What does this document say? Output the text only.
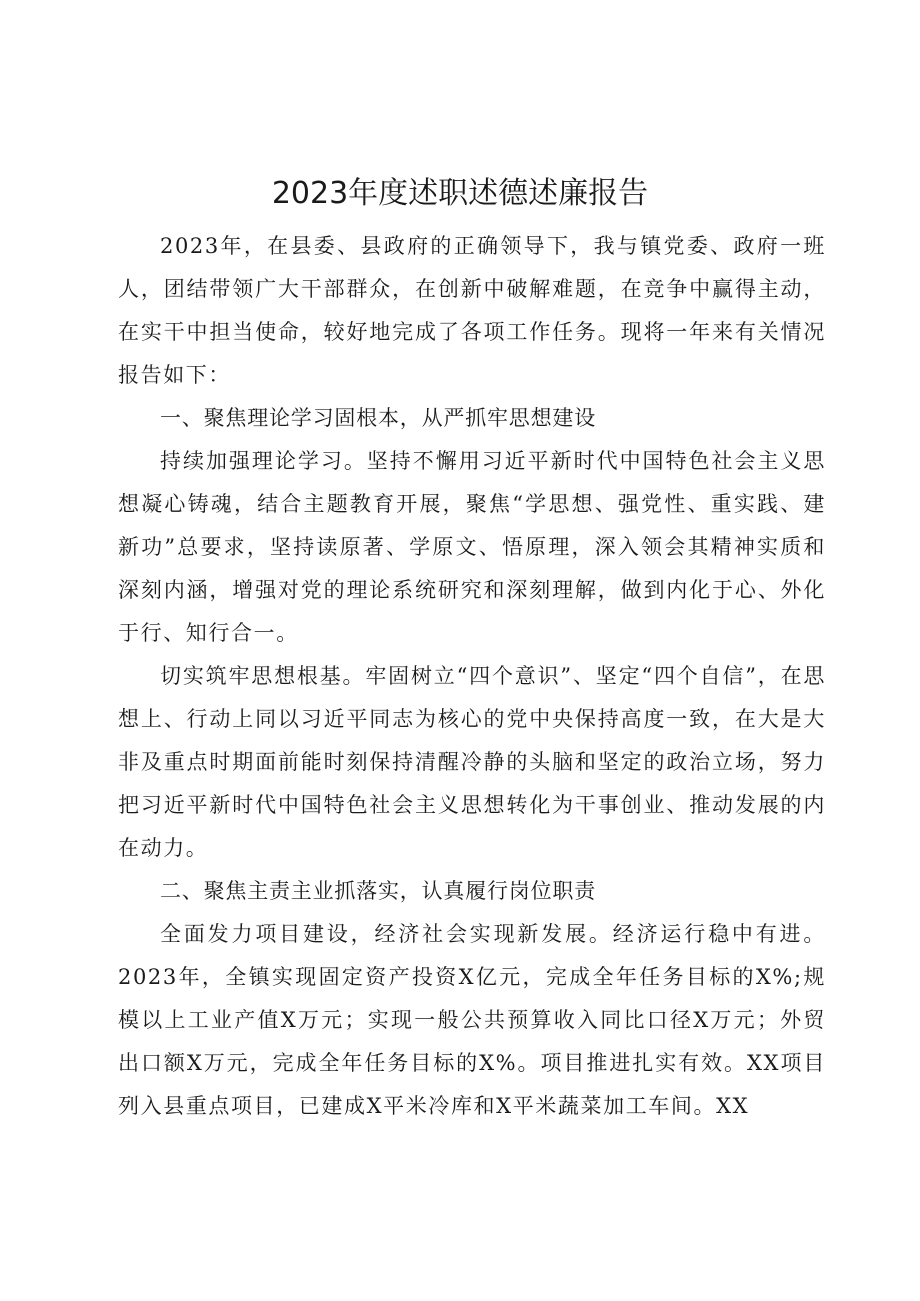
2023年度述职述德述廉报告

2023年，在县委、县政府的正确领导下，我与镇党委、政府一班人，团结带领广大干部群众，在创新中破解难题，在竞争中赢得主动，在实干中担当使命，较好地完成了各项工作任务。现将一年来有关情况报告如下：

一、聚焦理论学习固根本，从严抓牢思想建设

持续加强理论学习。坚持不懈用习近平新时代中国特色社会主义思想凝心铸魂，结合主题教育开展，聚焦“学思想、强党性、重实践、建新功”总要求，坚持读原著、学原文、悟原理，深入领会其精神实质和深刻内涵，增强对党的理论系统研究和深刻理解，做到内化于心、外化于行、知行合一。

切实筑牢思想根基。牢固树立“四个意识”、坚定“四个自信”，在思想上、行动上同以习近平同志为核心的党中央保持高度一致，在大是大非及重点时期面前能时刻保持清醒冷静的头脑和坚定的政治立场，努力把习近平新时代中国特色社会主义思想转化为干事创业、推动发展的内在动力。

二、聚焦主责主业抓落实，认真履行岗位职责

全面发力项目建设，经济社会实现新发展。经济运行稳中有进。2023年，全镇实现固定资产投资X亿元，完成全年任务目标的X%;规模以上工业产值X万元；实现一般公共预算收入同比口径X万元；外贸出口额X万元，完成全年任务目标的X%。项目推进扎实有效。XX项目列入县重点项目，已建成X平米冷库和X平米蔬菜加工车间。XX
